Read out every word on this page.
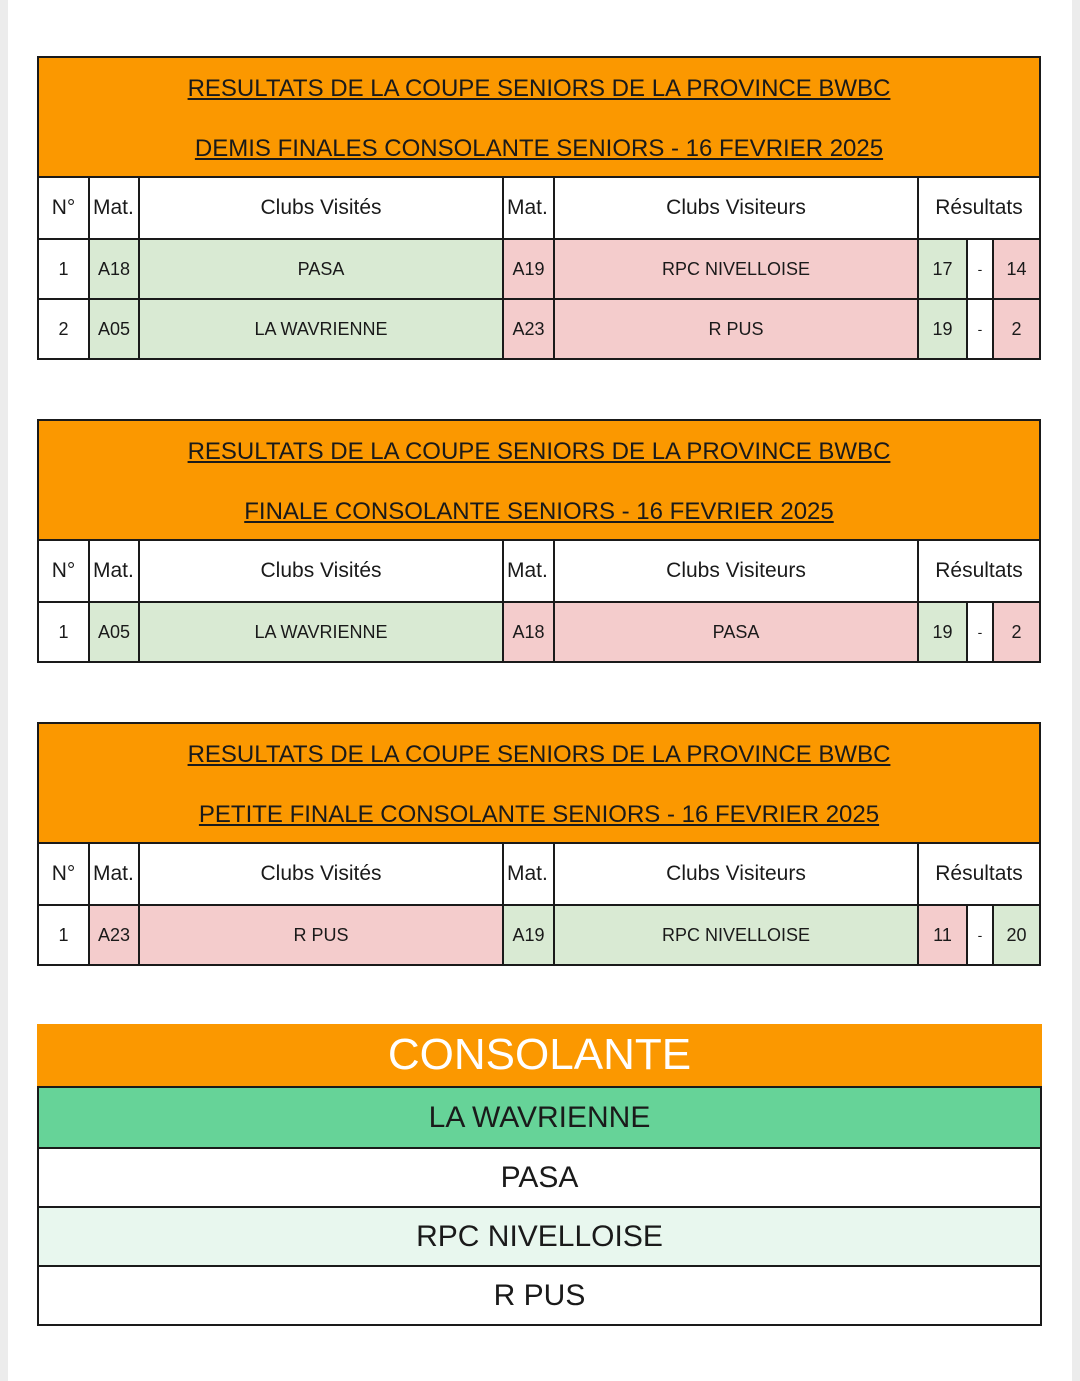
RESULTATS DE LA COUPE SENIORS DE LA PROVINCE BWBC
DEMIS FINALES CONSOLANTE SENIORS - 16 FEVRIER 2025
N° Mat.	Clubs Visités	Mat.	Clubs Visiteurs	Résultats
1	A18	PASA	A19	RPC NIVELLOISE	17	-	14
2	A05	LA WAVRIENNE	A23	R PUS	19	-	2
RESULTATS DE LA COUPE SENIORS DE LA PROVINCE BWBC
FINALE CONSOLANTE SENIORS - 16 FEVRIER 2025
N° Mat.	Clubs Visités	Mat.	Clubs Visiteurs	Résultats
1	A05	LA WAVRIENNE	A18	PASA	19	-	2
RESULTATS DE LA COUPE SENIORS DE LA PROVINCE BWBC
PETITE FINALE CONSOLANTE SENIORS - 16 FEVRIER 2025
N° Mat.	Clubs Visités	Mat.	Clubs Visiteurs	Résultats
1	A23	R PUS	A19	RPC NIVELLOISE	11	-	20
CONSOLANTE
LA WAVRIENNE
PASA
RPC NIVELLOISE
R PUS
